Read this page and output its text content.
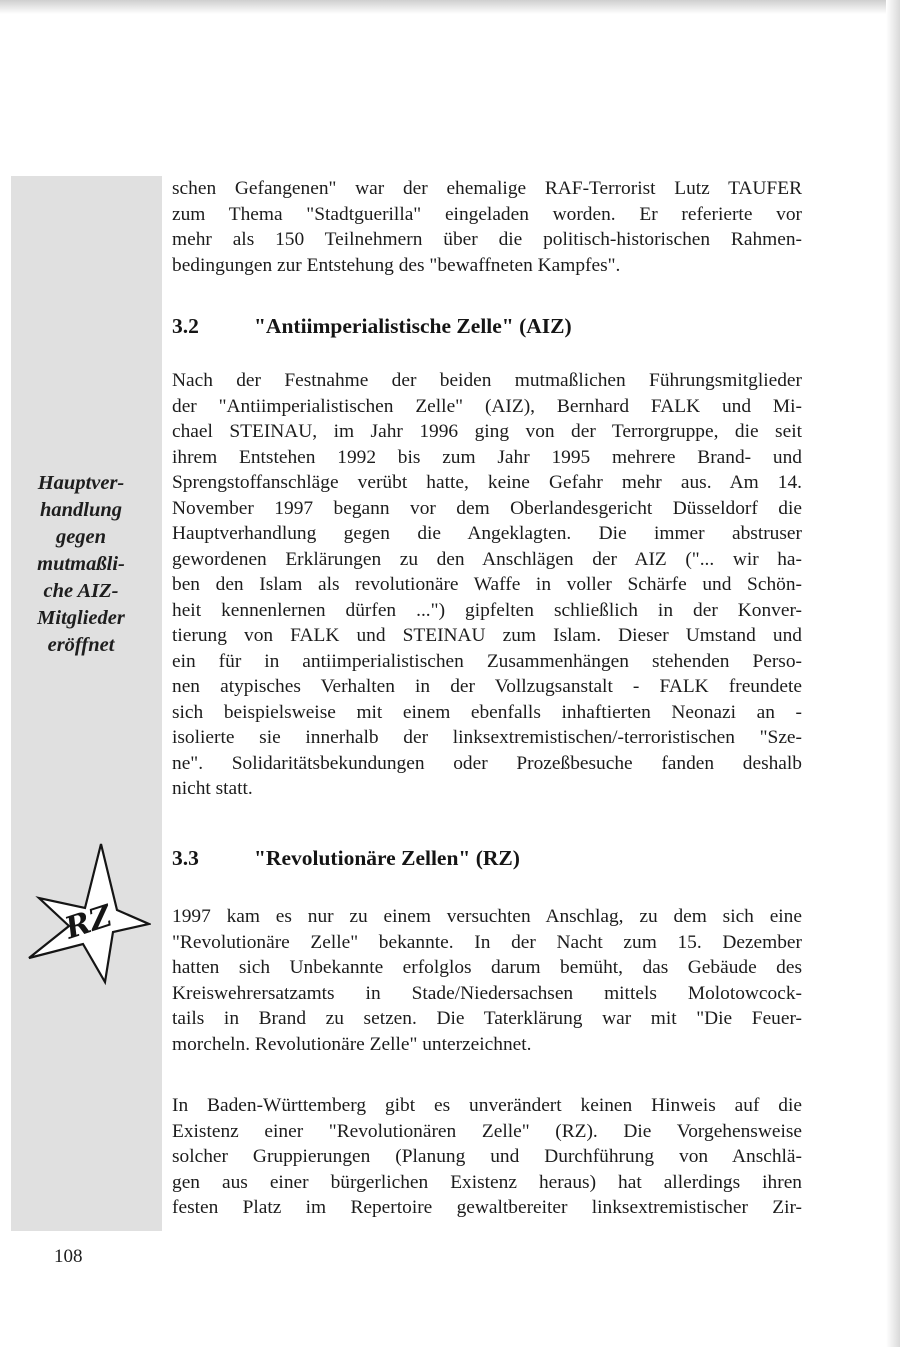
Hauptver-
handlung
gegen
mutmaßli-
che AIZ-
Mitglieder
eröffnet
RZ
schen Gefangenen" war der ehemalige RAF-Terrorist Lutz TAUFER
zum Thema "Stadtguerilla" eingeladen worden. Er referierte vor
mehr als 150 Teilnehmern über die politisch-historischen Rahmen-
bedingungen zur Entstehung des "bewaffneten Kampfes".
3.2	"Antiimperialistische Zelle" (AIZ)
Nach der Festnahme der beiden mutmaßlichen Führungsmitglieder
der "Antiimperialistischen Zelle" (AIZ), Bernhard FALK und Mi-
chael STEINAU, im Jahr 1996 ging von der Terrorgruppe, die seit
ihrem Entstehen 1992 bis zum Jahr 1995 mehrere Brand- und
Sprengstoffanschläge verübt hatte, keine Gefahr mehr aus. Am 14.
November 1997 begann vor dem Oberlandesgericht Düsseldorf die
Hauptverhandlung gegen die Angeklagten. Die immer abstruser
gewordenen Erklärungen zu den Anschlägen der AIZ ("... wir ha-
ben den Islam als revolutionäre Waffe in voller Schärfe und Schön-
heit kennenlernen dürfen ...") gipfelten schließlich in der Konver-
tierung von FALK und STEINAU zum Islam. Dieser Umstand und
ein für in antiimperialistischen Zusammenhängen stehenden Perso-
nen atypisches Verhalten in der Vollzugsanstalt - FALK freundete
sich beispielsweise mit einem ebenfalls inhaftierten Neonazi an -
isolierte sie innerhalb der linksextremistischen/-terroristischen "Sze-
ne". Solidaritätsbekundungen oder Prozeßbesuche fanden deshalb
nicht statt.
3.3	"Revolutionäre Zellen" (RZ)
1997 kam es nur zu einem versuchten Anschlag, zu dem sich eine
"Revolutionäre Zelle" bekannte. In der Nacht zum 15. Dezember
hatten sich Unbekannte erfolglos darum bemüht, das Gebäude des
Kreiswehrersatzamts in Stade/Niedersachsen mittels Molotowcock-
tails in Brand zu setzen. Die Taterklärung war mit "Die Feuer-
morcheln. Revolutionäre Zelle" unterzeichnet.
In Baden-Württemberg gibt es unverändert keinen Hinweis auf die
Existenz einer "Revolutionären Zelle" (RZ). Die Vorgehensweise
solcher Gruppierungen (Planung und Durchführung von Anschlä-
gen aus einer bürgerlichen Existenz heraus) hat allerdings ihren
festen Platz im Repertoire gewaltbereiter linksextremistischer Zir-
108
